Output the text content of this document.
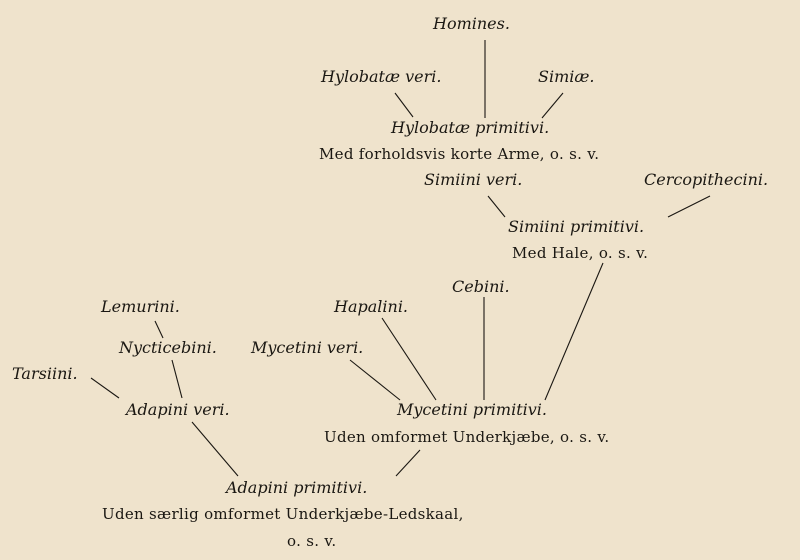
Homines.
Hylobatæ veri.	Simiæ.
Hylobatæ primitivi.
Med forholdsvis korte Arme, o. s. v.
Simiini veri.	Cercopithecini.
Simiini primitivi.
Med Hale, o. s. v.
Cebini.
Lemurini.	Hapalini.
Nycticebini. Mycetini veri.
Tarsiini.
Adapini veri.	Mycetini primitivi.
Uden omformet Underkjæbe, o. s. v.
Adapini primitivi.
Uden særlig omformet Underkjæbe-Ledskaal,
o. s. v.
